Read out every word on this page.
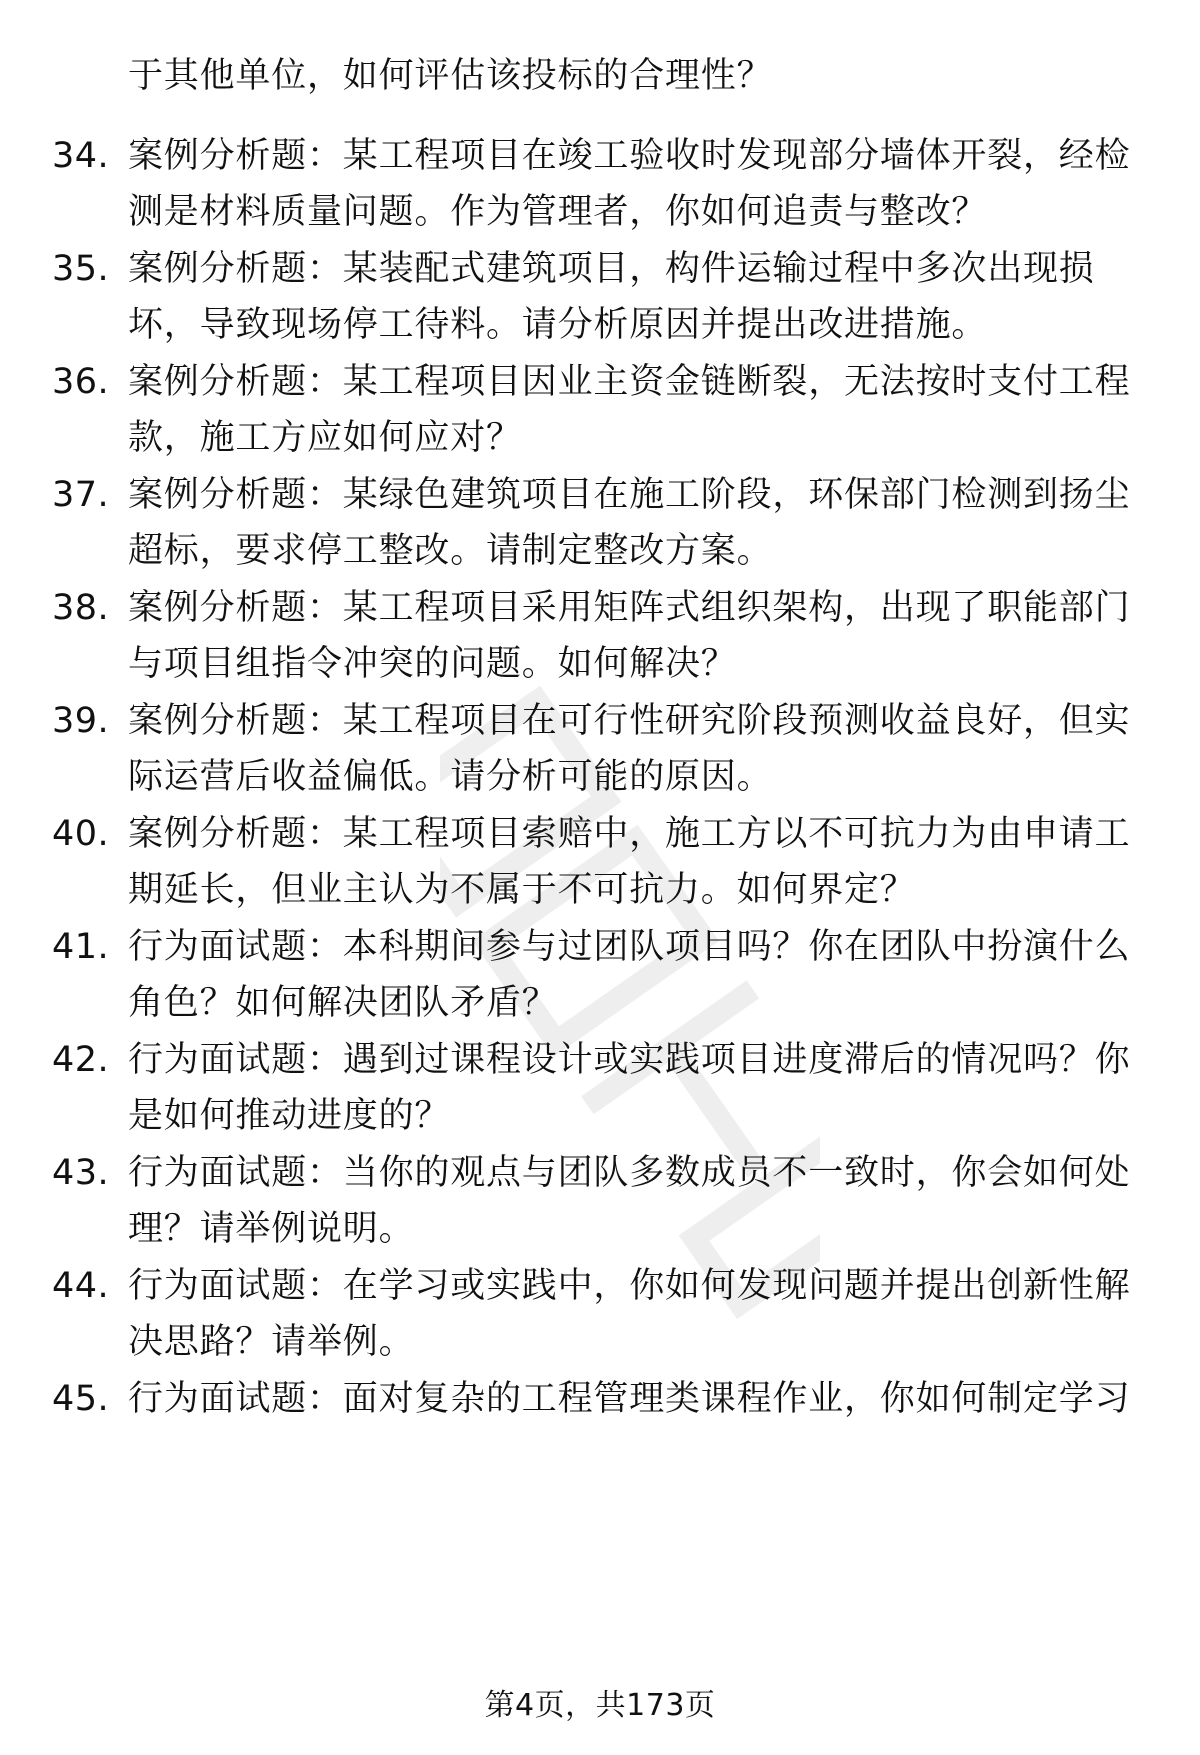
于其他单位，如何评估该投标的合理性？
34. 案例分析题：某工程项目在竣工验收时发现部分墙体开裂，经检
测是材料质量问题。作为管理者，你如何追责与整改？
35. 案例分析题：某装配式建筑项目，构件运输过程中多次出现损
坏，导致现场停工待料。请分析原因并提出改进措施。
36. 案例分析题：某工程项目因业主资金链断裂，无法按时支付工程
款，施工方应如何应对？
37. 案例分析题：某绿色建筑项目在施工阶段，环保部门检测到扬尘
超标，要求停工整改。请制定整改方案。
38. 案例分析题：某工程项目采用矩阵式组织架构，出现了职能部门
与项目组指令冲突的问题。如何解决？
39. 案例分析题：某工程项目在可行性研究阶段预测收益良好，但实
际运营后收益偏低。请分析可能的原因。
40. 案例分析题：某工程项目索赔中，施工方以不可抗力为由申请工
期延长，但业主认为不属于不可抗力。如何界定？
41. 行为面试题：本科期间参与过团队项目吗？你在团队中扮演什么
角色？如何解决团队矛盾？
42. 行为面试题：遇到过课程设计或实践项目进度滞后的情况吗？你
是如何推动进度的？
43. 行为面试题：当你的观点与团队多数成员不一致时，你会如何处
理？请举例说明。
44. 行为面试题：在学习或实践中，你如何发现问题并提出创新性解
决思路？请举例。
45. 行为面试题：面对复杂的工程管理类课程作业，你如何制定学习
第4页，共173页
